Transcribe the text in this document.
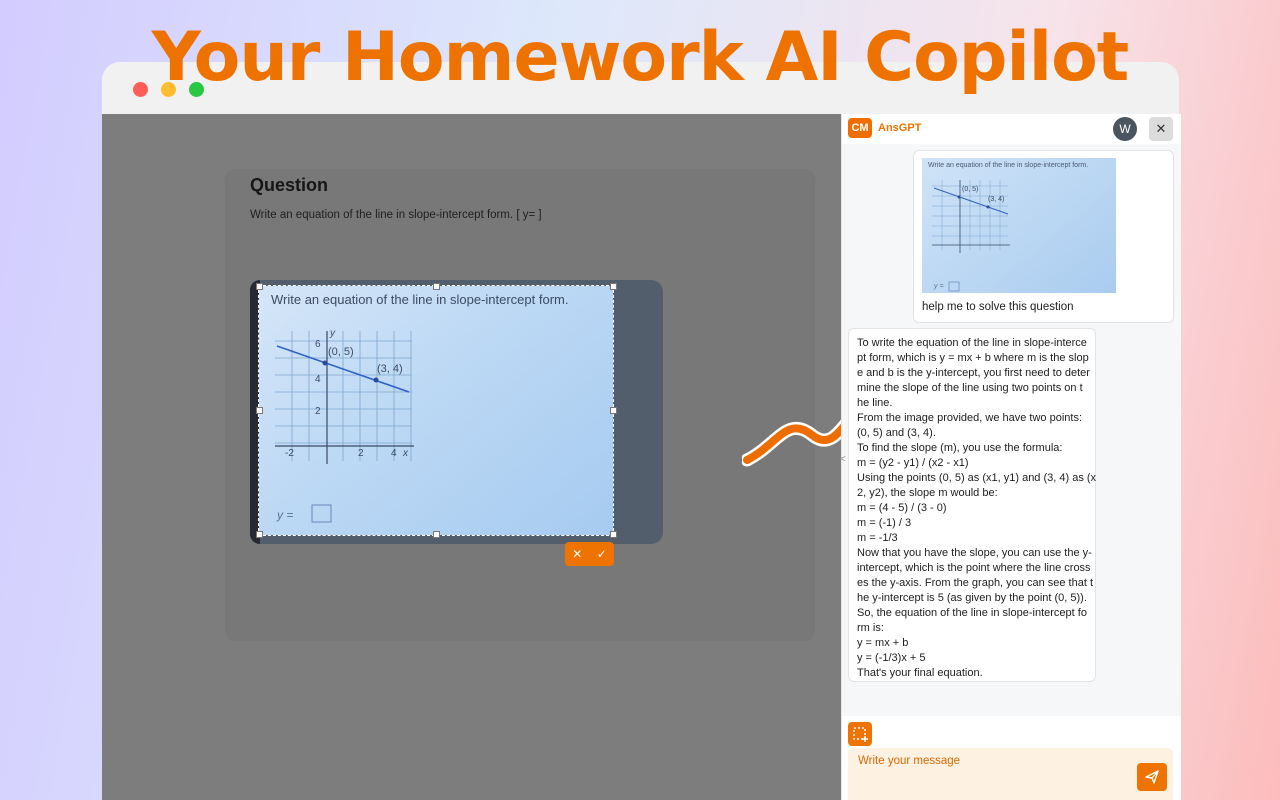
Your Homework AI Copilot
Question
Write an equation of the line in slope-intercept form. [ y= ]
Write an equation of the line in slope-intercept form.
y
6
(0, 5)
(3, 4)
4
2
-2	2	4 x
y =
✕ ✓
CM AnsGPT	W	✕
Write an equation of the line in slope-intercept form.
(0, 5)
(3, 4)
y =
help me to solve this question
To write the equation of the line in slope-interce
pt form, which is y = mx + b where m is the slop
e and b is the y-intercept, you first need to deter
mine the slope of the line using two points on t
he line.
From the image provided, we have two points:
(0, 5) and (3, 4).
To find the slope (m), you use the formula:
m = (y2 - y1) / (x2 - x1)
Using the points (0, 5) as (x1, y1) and (3, 4) as (x
2, y2), the slope m would be:
m = (4 - 5) / (3 - 0)
m = (-1) / 3
m = -1/3
Now that you have the slope, you can use the y-
intercept, which is the point where the line cross
es the y-axis. From the graph, you can see that t
he y-intercept is 5 (as given by the point (0, 5)).
So, the equation of the line in slope-intercept fo
rm is:
y = mx + b
y = (-1/3)x + 5
That's your final equation.
<
Write your message
